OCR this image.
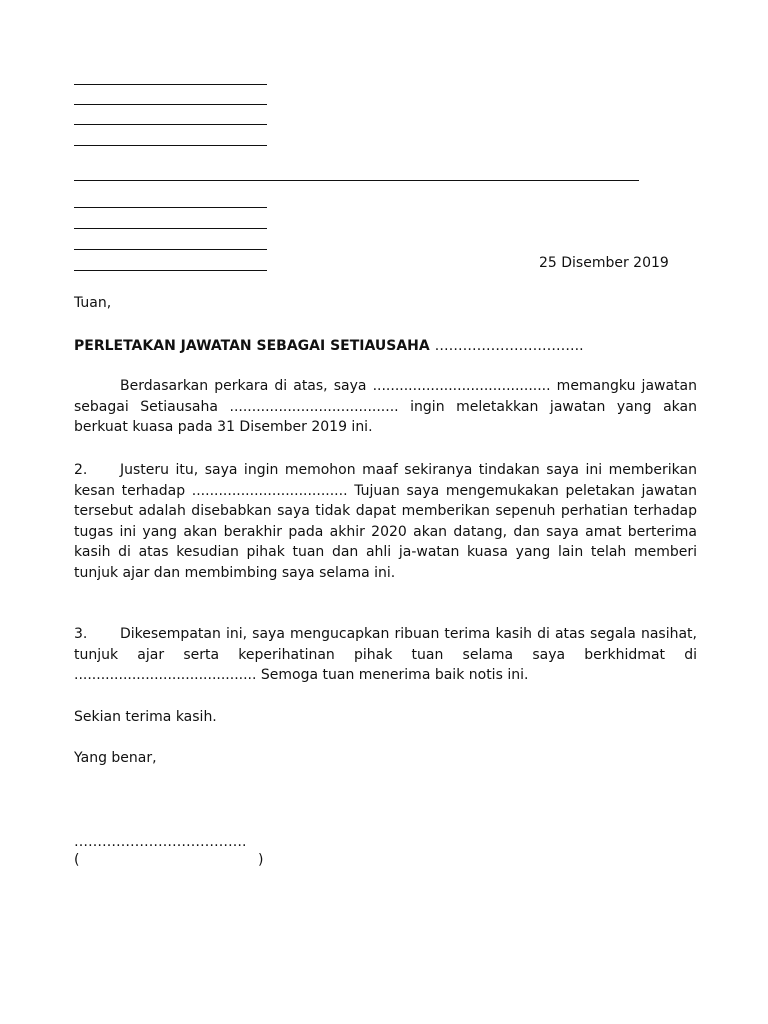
25 Disember 2019
Tuan,
PERLETAKAN JAWATAN SEBAGAI SETIAUSAHA …………………………..
Berdasarkan perkara di atas, saya ........................................ memangku jawatan sebagai Setiausaha ...................................... ingin meletakkan jawatan yang akan berkuat kuasa pada 31 Disember 2019 ini.
2. Justeru itu, saya ingin memohon maaf sekiranya tindakan saya ini memberikan kesan terhadap ................................... Tujuan saya mengemukakan peletakan jawatan tersebut adalah disebabkan saya tidak dapat memberikan sepenuh perhatian terhadap tugas ini yang akan berakhir pada akhir 2020 akan datang, dan saya amat berterima kasih di atas kesudian pihak tuan dan ahli ja-watan kuasa yang lain telah memberi tunjuk ajar dan membimbing saya selama ini.
3. Dikesempatan ini, saya mengucapkan ribuan terima kasih di atas segala nasihat, tunjuk ajar serta keperihatinan pihak tuan selama saya berkhidmat di ......................................... Semoga tuan menerima baik notis ini.
Sekian terima kasih.
Yang benar,
……………………………….
(	)
